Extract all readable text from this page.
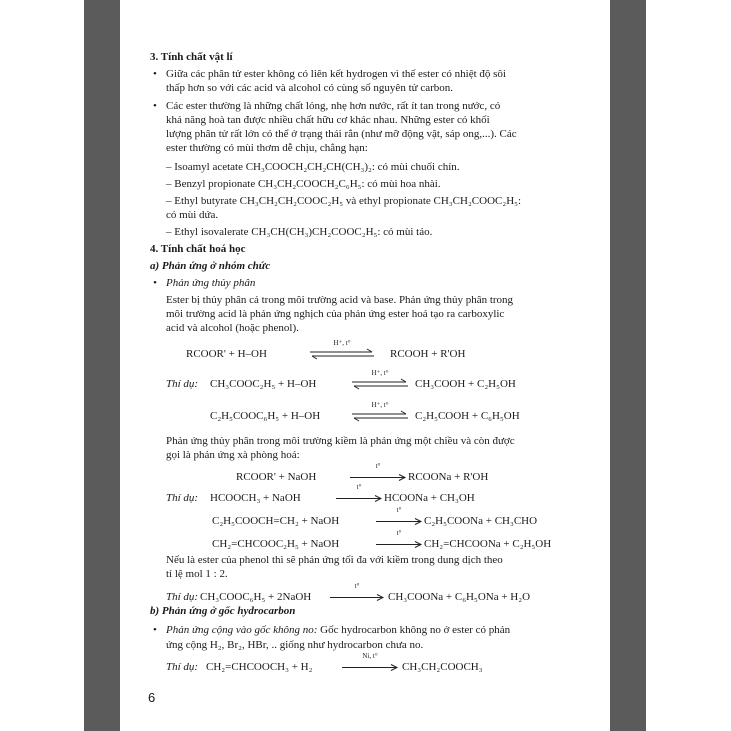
3. Tính chất vật lí
• Giữa các phân tử ester không có liên kết hydrogen vì thế ester có nhiệt độ sôi
thấp hơn so với các acid và alcohol có cùng số nguyên tử carbon.
• Các ester thường là những chất lỏng, nhẹ hơn nước, rất ít tan trong nước, có
khả năng hoà tan được nhiều chất hữu cơ khác nhau. Những ester có khối
lượng phân tử rất lớn có thể ở trạng thái rắn (như mỡ động vật, sáp ong,...). Các
ester thường có mùi thơm dễ chịu, chẳng hạn:
– Isoamyl acetate CH₃COOCH₂CH₂CH(CH₃)₂: có mùi chuối chín.
– Benzyl propionate CH₃CH₂COOCH₂C₆H₅: có mùi hoa nhài.
– Ethyl butyrate CH₃CH₂CH₂COOC₂H₅ và ethyl propionate CH₃CH₂COOC₂H₅:
có mùi dứa.
– Ethyl isovalerate CH₃CH(CH₃)CH₂COOC₂H₅: có mùi táo.
4. Tính chất hoá học
a) Phản ứng ở nhóm chức
• Phản ứng thủy phân
Ester bị thủy phân cả trong môi trường acid và base. Phản ứng thủy phân trong
môi trường acid là phản ứng nghịch của phản ứng ester hoá tạo ra carboxylic
acid và alcohol (hoặc phenol).
RCOOR' + H–OH
H⁺, t°
⇌ RCOOH + R'OH
Thí dụ: CH₃COOC₂H₅ + H–OH
H⁺, t°
⇌ CH₃COOH + C₂H₅OH
C₂H₅COOC₆H₅ + H–OH
H⁺, t°
⇌ C₂H₅COOH + C₆H₅OH
Phản ứng thủy phân trong môi trường kiềm là phản ứng một chiều và còn được
gọi là phản ứng xà phòng hoá:
RCOOR' + NaOH
t°
RCOONa + R'OH
Thí dụ: HCOOCH₃ + NaOH
t°
HCOONa + CH₃OH
C₂H₅COOCH=CH₂ + NaOH
t°
C₂H₅COONa + CH₃CHO
CH₂=CHCOOC₂H₅ + NaOH
t°
CH₂=CHCOONa + C₂H₅OH
Nếu là ester của phenol thì sẽ phản ứng tối đa với kiềm trong dung dịch theo
tỉ lệ mol 1 : 2.
Thí dụ: CH₃COOC₆H₅ + 2NaOH
t°
CH₃COONa + C₆H₅ONa + H₂O
b) Phản ứng ở gốc hydrocarbon
• Phản ứng cộng vào gốc không no: Gốc hydrocarbon không no ở ester có phản
ứng cộng H₂, Br₂, HBr, .. giống như hydrocarbon chưa no.
Thí dụ: CH₂=CHCOOCH₃ + H₂
Ni, t°
CH₃CH₂COOCH₃
6
